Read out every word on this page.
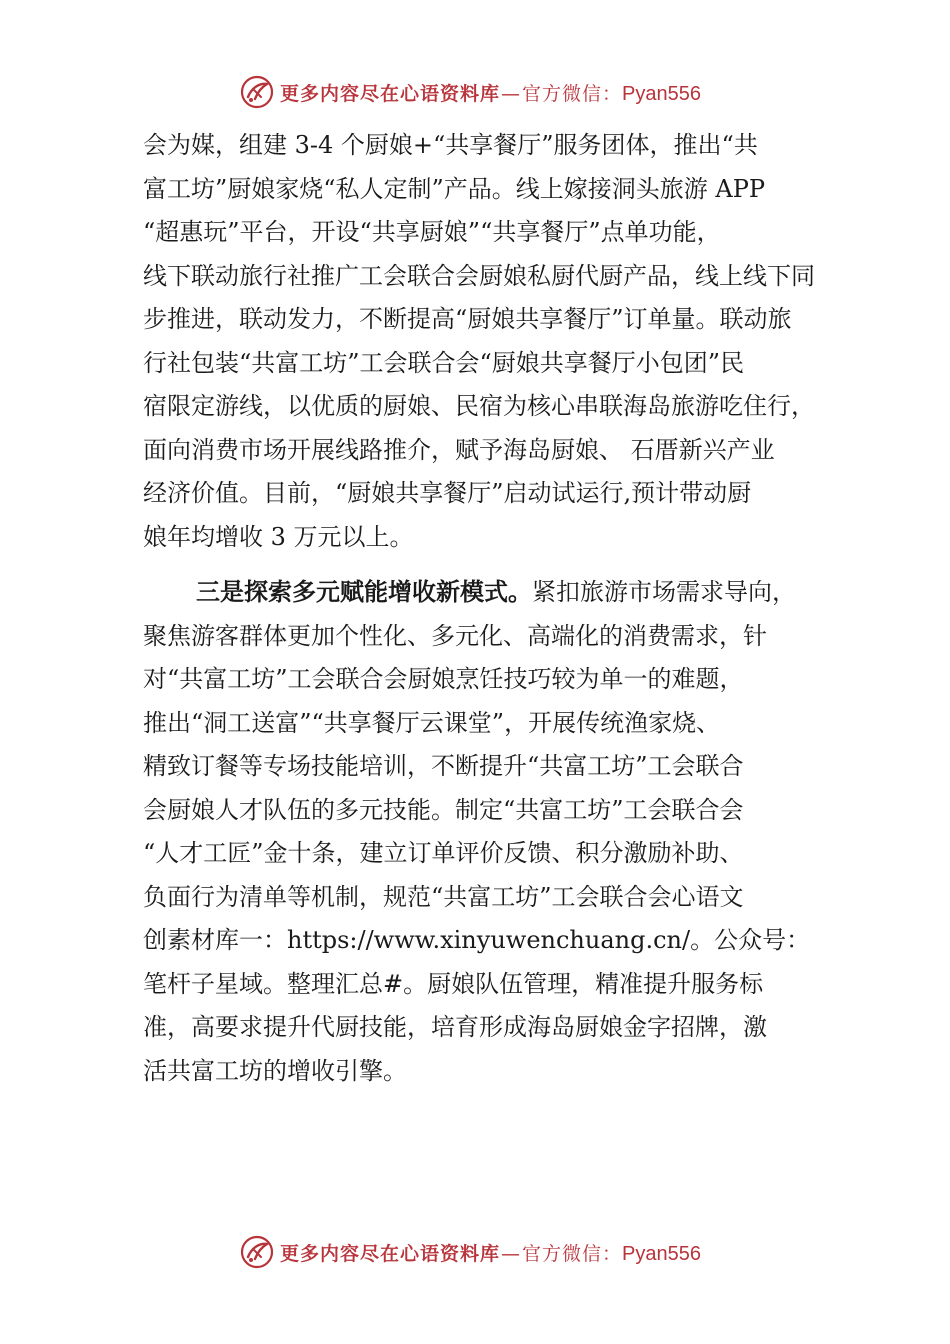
更多内容尽在心语资料库—官方微信：Pyan556
会为媒，组建 3-4 个厨娘+“共享餐厅”服务团体，推出“共
富工坊”厨娘家烧“私人定制”产品。线上嫁接洞头旅游 APP
“超惠玩”平台，开设“共享厨娘”“共享餐厅”点单功能，
线下联动旅行社推广工会联合会厨娘私厨代厨产品，线上线下同
步推进，联动发力，不断提高“厨娘共享餐厅”订单量。联动旅
行社包装“共富工坊”工会联合会“厨娘共享餐厅小包团”民
宿限定游线，以优质的厨娘、民宿为核心串联海岛旅游吃住行，
面向消费市场开展线路推介，赋予海岛厨娘、 石厝新兴产业
经济价值。目前，“厨娘共享餐厅”启动试运行,预计带动厨
娘年均增收 3 万元以上。
三是探索多元赋能增收新模式。紧扣旅游市场需求导向，
聚焦游客群体更加个性化、多元化、高端化的消费需求，针
对“共富工坊”工会联合会厨娘烹饪技巧较为单一的难题，
推出“洞工送富”“共享餐厅云课堂”，开展传统渔家烧、
精致订餐等专场技能培训，不断提升“共富工坊”工会联合
会厨娘人才队伍的多元技能。制定“共富工坊”工会联合会
“人才工匠”金十条，建立订单评价反馈、积分激励补助、
负面行为清单等机制，规范“共富工坊”工会联合会心语文
创素材库一：https://www.xinyuwenchuang.cn/。公众号：
笔杆子星域。整理汇总#。厨娘队伍管理，精准提升服务标
准，高要求提升代厨技能，培育形成海岛厨娘金字招牌，激
活共富工坊的增收引擎。
更多内容尽在心语资料库—官方微信：Pyan556
